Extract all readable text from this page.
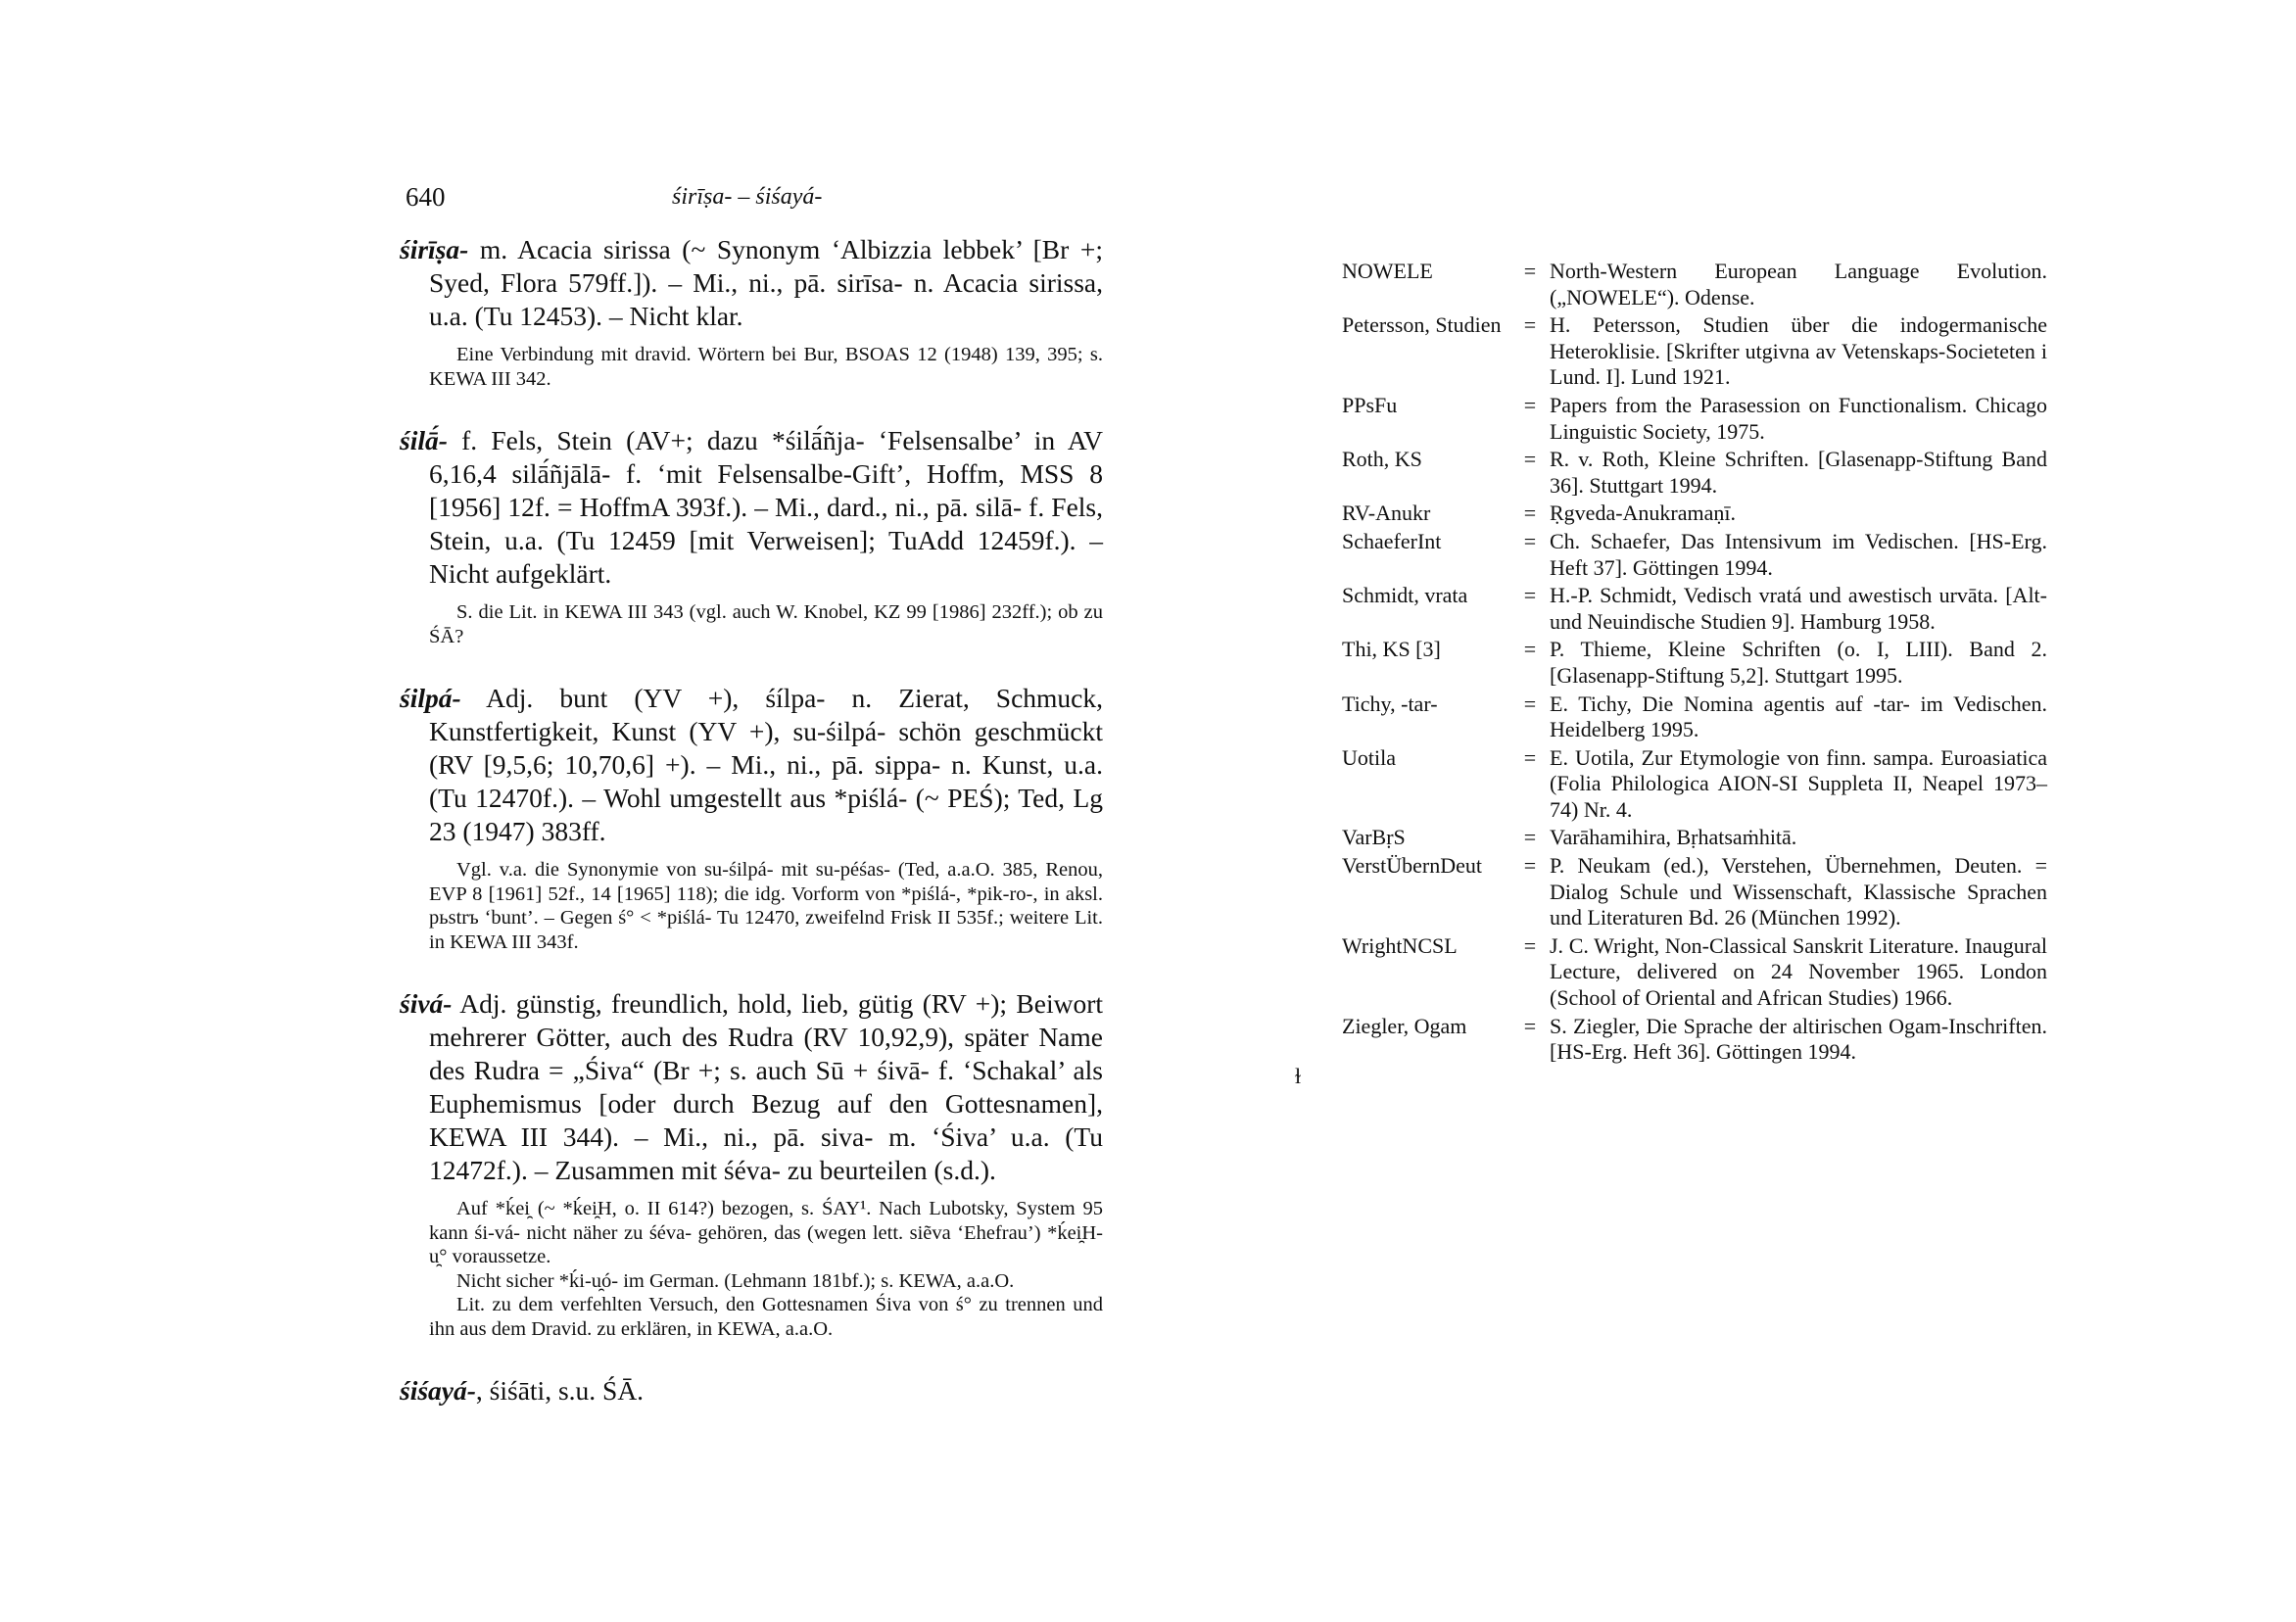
640	śirīṣa- – śiśayá-
śirīṣa- m. Acacia sirissa (~ Synonym ‘Albizzia lebbek’ [Br +; Syed, Flora 579ff.]). – Mi., ni., pā. sirīsa- n. Acacia sirissa, u.a. (Tu 12453). – Nicht klar.

Eine Verbindung mit dravid. Wörtern bei Bur, BSOAS 12 (1948) 139, 395; s. KEWA III 342.

śilā́- f. Fels, Stein (AV+; dazu *śilā́ñja- ‘Felsensalbe’ in AV 6,16,4 silā́ñjālā- f. ‘mit Felsensalbe-Gift’, Hoffm, MSS 8 [1956] 12f. = HoffmA 393f.). – Mi., dard., ni., pā. silā- f. Fels, Stein, u.a. (Tu 12459 [mit Verweisen]; TuAdd 12459f.). – Nicht aufgeklärt.

S. die Lit. in KEWA III 343 (vgl. auch W. Knobel, KZ 99 [1986] 232ff.); ob zu ŚĀ?

śilpá- Adj. bunt (YV +), śílpa- n. Zierat, Schmuck, Kunstfertigkeit, Kunst (YV +), su-śilpá- schön geschmückt (RV [9,5,6; 10,70,6] +). – Mi., ni., pā. sippa- n. Kunst, u.a. (Tu 12470f.). – Wohl umgestellt aus *piślá- (~ PEŚ); Ted, Lg 23 (1947) 383ff.

Vgl. v.a. die Synonymie von su-śilpá- mit su-péśas- (Ted, a.a.O. 385, Renou, EVP 8 [1961] 52f., 14 [1965] 118); die idg. Vorform von *piślá-, *pik-ro-, in aksl. pьstrъ ‘bunt’. – Gegen ś° < *piślá- Tu 12470, zweifelnd Frisk II 535f.; weitere Lit. in KEWA III 343f.

śivá- Adj. günstig, freundlich, hold, lieb, gütig (RV +); Beiwort mehrerer Götter, auch des Rudra (RV 10,92,9), später Name des Rudra = „Śiva“ (Br +; s. auch Sū + śivā- f. ‘Schakal’ als Euphemismus [oder durch Bezug auf den Gottesnamen], KEWA III 344). – Mi., ni., pā. siva- m. ‘Śiva’ u.a. (Tu 12472f.). – Zusammen mit śéva- zu beurteilen (s.d.).

Auf *ḱei̯ (~ *ḱei̯H, o. II 614?) bezogen, s. ŚAY¹. Nach Lubotsky, System 95 kann śi-vá- nicht näher zu śéva- gehören, das (wegen lett. siẽva ‘Ehefrau’) *ḱei̯H-u̯° voraussetze.

Nicht sicher *ḱi-u̯ó- im German. (Lehmann 181bf.); s. KEWA, a.a.O.

Lit. zu dem verfehlten Versuch, den Gottesnamen Śiva von ś° zu trennen und ihn aus dem Dravid. zu erklären, in KEWA, a.a.O.

śiśayá-, śiśāti, s.u. ŚĀ.
NOWELE	= North-Western European Language Evolution. („NOWELE“). Odense.
Petersson, Studien	= H. Petersson, Studien über die indogermanische Heteroklisie. [Skrifter utgivna av Vetenskaps-Societeten i Lund. I]. Lund 1921.
PPsFu	= Papers from the Parasession on Functionalism. Chicago Linguistic Society, 1975.
Roth, KS	= R. v. Roth, Kleine Schriften. [Glasenapp-Stiftung Band 36]. Stuttgart 1994.
RV-Anukr	= Ṛgveda-Anukramaṇī.
SchaeferInt	= Ch. Schaefer, Das Intensivum im Vedischen. [HS-Erg. Heft 37]. Göttingen 1994.
Schmidt, vrata	= H.-P. Schmidt, Vedisch vratá und awestisch urvāta. [Alt- und Neuindische Studien 9]. Hamburg 1958.
Thi, KS [3]	= P. Thieme, Kleine Schriften (o. I, LIII). Band 2. [Glasenapp-Stiftung 5,2]. Stuttgart 1995.
Tichy, -tar-	= E. Tichy, Die Nomina agentis auf -tar- im Vedischen. Heidelberg 1995.
Uotila	= E. Uotila, Zur Etymologie von finn. sampa. Euroasiatica (Folia Philologica AION-SI Suppleta II, Neapel 1973–74) Nr. 4.
VarBṛS	= Varāhamihira, Bṛhatsaṁhitā.
VerstÜbernDeut	= P. Neukam (ed.), Verstehen, Übernehmen, Deuten. = Dialog Schule und Wissenschaft, Klassische Sprachen und Literaturen Bd. 26 (München 1992).
WrightNCSL	= J. C. Wright, Non-Classical Sanskrit Literature. Inaugural Lecture, delivered on 24 November 1965. London (School of Oriental and African Studies) 1966.
Ziegler, Ogam	= S. Ziegler, Die Sprache der altirischen Ogam-Inschriften. [HS-Erg. Heft 36]. Göttingen 1994.
ɫ
